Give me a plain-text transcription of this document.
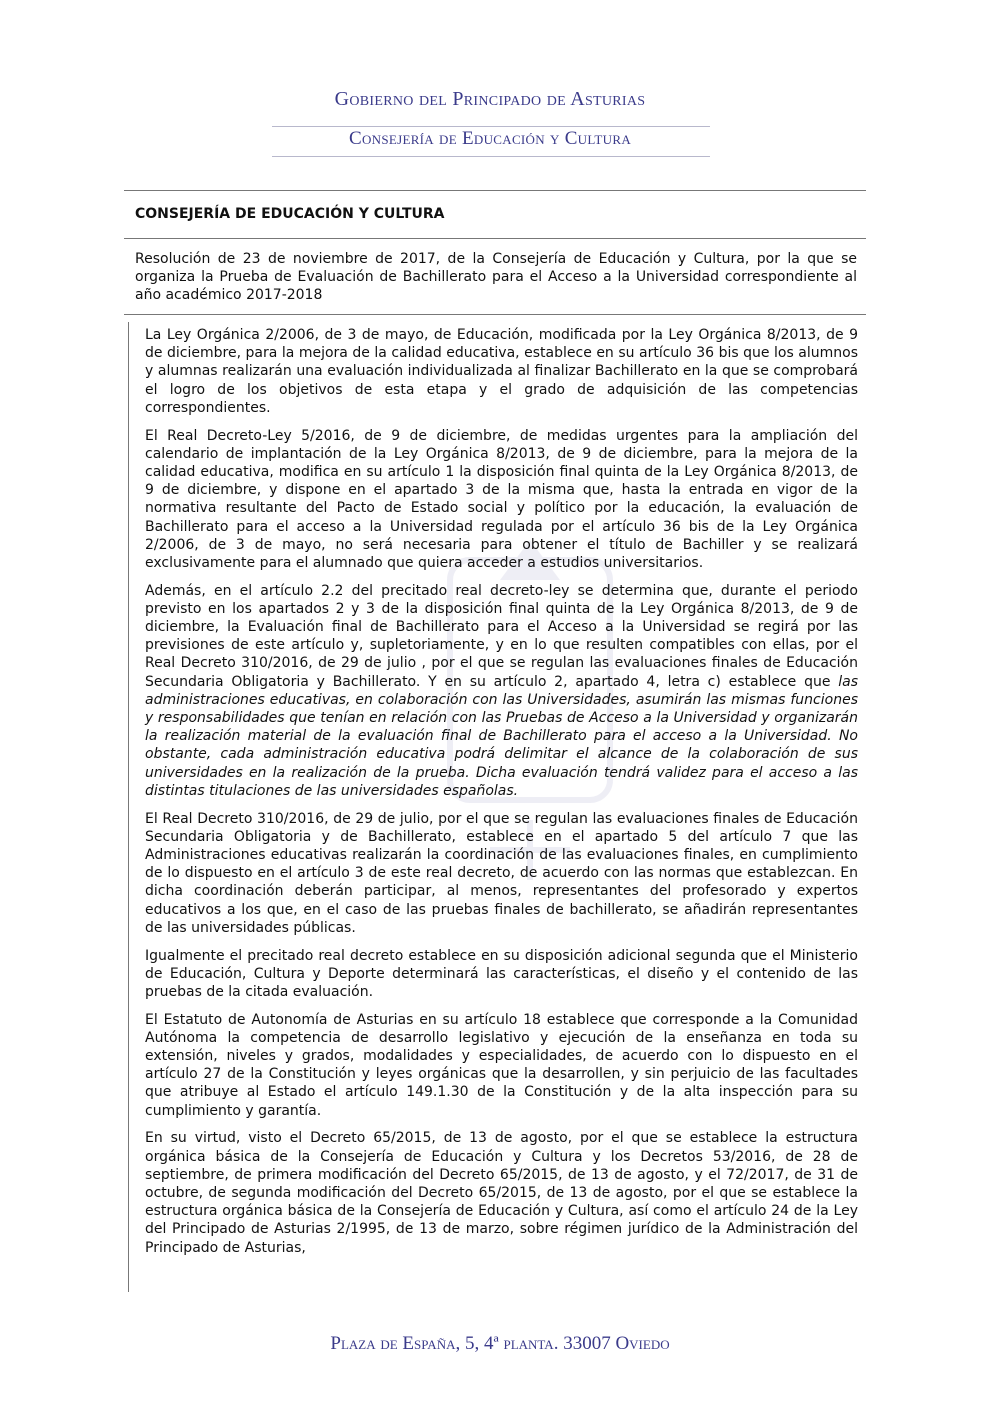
Gobierno del Principado de Asturias
Consejería de Educación y Cultura
CONSEJERÍA DE EDUCACIÓN Y CULTURA
Resolución de 23 de noviembre de 2017, de la Consejería de Educación y Cultura, por la que se organiza la Prueba de Evaluación de Bachillerato para el Acceso a la Universidad correspondiente al año académico 2017-2018

La Ley Orgánica 2/2006, de 3 de mayo, de Educación, modificada por la Ley Orgánica 8/2013, de 9 de diciembre, para la mejora de la calidad educativa, establece en su artículo 36 bis que los alumnos y alumnas realizarán una evaluación individualizada al finalizar Bachillerato en la que se comprobará el logro de los objetivos de esta etapa y el grado de adquisición de las competencias correspondientes.

El Real Decreto-Ley 5/2016, de 9 de diciembre, de medidas urgentes para la ampliación del calendario de implantación de la Ley Orgánica 8/2013, de 9 de diciembre, para la mejora de la calidad educativa, modifica en su artículo 1 la disposición final quinta de la Ley Orgánica 8/2013, de 9 de diciembre, y dispone en el apartado 3 de la misma que, hasta la entrada en vigor de la normativa resultante del Pacto de Estado social y político por la educación, la evaluación de Bachillerato para el acceso a la Universidad regulada por el artículo 36 bis de la Ley Orgánica 2/2006, de 3 de mayo, no será necesaria para obtener el título de Bachiller y se realizará exclusivamente para el alumnado que quiera acceder a estudios universitarios.

Además, en el artículo 2.2 del precitado real decreto-ley se determina que, durante el periodo previsto en los apartados 2 y 3 de la disposición final quinta de la Ley Orgánica 8/2013, de 9 de diciembre, la Evaluación final de Bachillerato para el Acceso a la Universidad se regirá por las previsiones de este artículo y, supletoriamente, y en lo que resulten compatibles con ellas, por el Real Decreto 310/2016, de 29 de julio , por el que se regulan las evaluaciones finales de Educación Secundaria Obligatoria y Bachillerato. Y en su artículo 2, apartado 4, letra c) establece que las administraciones educativas, en colaboración con las Universidades, asumirán las mismas funciones y responsabilidades que tenían en relación con las Pruebas de Acceso a la Universidad y organizarán la realización material de la evaluación final de Bachillerato para el acceso a la Universidad. No obstante, cada administración educativa podrá delimitar el alcance de la colaboración de sus universidades en la realización de la prueba. Dicha evaluación tendrá validez para el acceso a las distintas titulaciones de las universidades españolas.

El Real Decreto 310/2016, de 29 de julio, por el que se regulan las evaluaciones finales de Educación Secundaria Obligatoria y de Bachillerato, establece en el apartado 5 del artículo 7 que las Administraciones educativas realizarán la coordinación de las evaluaciones finales, en cumplimiento de lo dispuesto en el artículo 3 de este real decreto, de acuerdo con las normas que establezcan. En dicha coordinación deberán participar, al menos, representantes del profesorado y expertos educativos a los que, en el caso de las pruebas finales de bachillerato, se añadirán representantes de las universidades públicas.

Igualmente el precitado real decreto establece en su disposición adicional segunda que el Ministerio de Educación, Cultura y Deporte determinará las características, el diseño y el contenido de las pruebas de la citada evaluación.

El Estatuto de Autonomía de Asturias en su artículo 18 establece que corresponde a la Comunidad Autónoma la competencia de desarrollo legislativo y ejecución de la enseñanza en toda su extensión, niveles y grados, modalidades y especialidades, de acuerdo con lo dispuesto en el artículo 27 de la Constitución y leyes orgánicas que la desarrollen, y sin perjuicio de las facultades que atribuye al Estado el artículo 149.1.30 de la Constitución y de la alta inspección para su cumplimiento y garantía.

En su virtud, visto el Decreto 65/2015, de 13 de agosto, por el que se establece la estructura orgánica básica de la Consejería de Educación y Cultura y los Decretos 53/2016, de 28 de septiembre, de primera modificación del Decreto 65/2015, de 13 de agosto, y el 72/2017, de 31 de octubre, de segunda modificación del Decreto 65/2015, de 13 de agosto, por el que se establece la estructura orgánica básica de la Consejería de Educación y Cultura, así como el artículo 24 de la Ley del Principado de Asturias 2/1995, de 13 de marzo, sobre régimen jurídico de la Administración del Principado de Asturias,

Plaza de España, 5, 4ª planta. 33007 Oviedo
